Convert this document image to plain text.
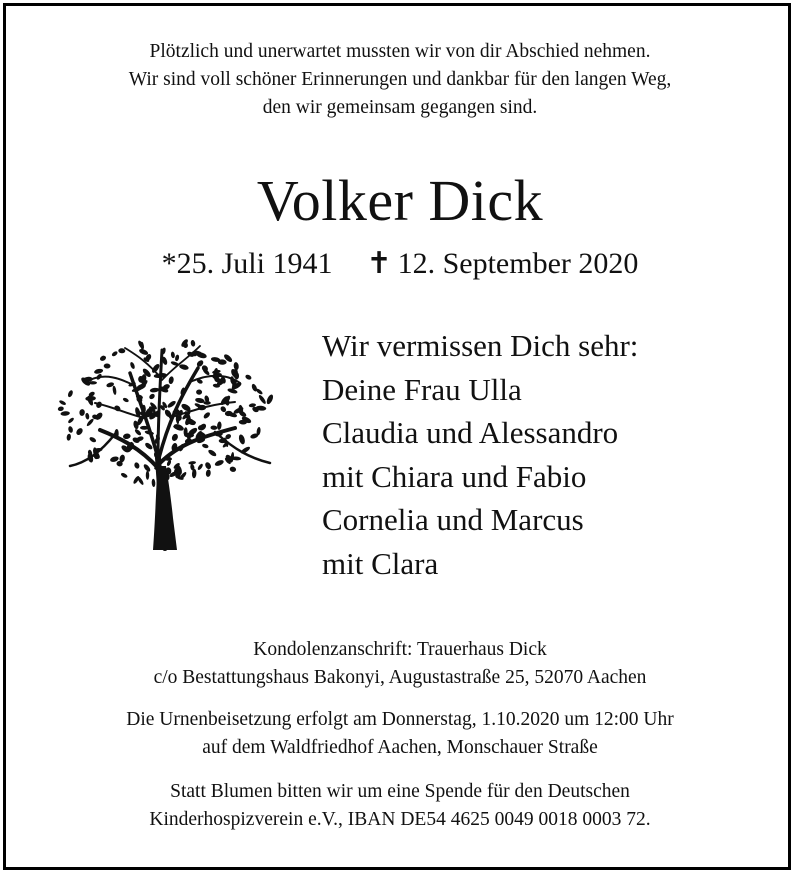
Plötzlich und unerwartet mussten wir von dir Abschied nehmen.
Wir sind voll schöner Erinnerungen und dankbar für den langen Weg,
den wir gemeinsam gegangen sind.
Volker Dick
*25. Juli 1941 ✝ 12. September 2020
Wir vermissen Dich sehr:
Deine Frau Ulla
Claudia und Alessandro
mit Chiara und Fabio
Cornelia und Marcus
mit Clara
Kondolenzanschrift: Trauerhaus Dick
c/o Bestattungshaus Bakonyi, Augustastraße 25, 52070 Aachen
Die Urnenbeisetzung erfolgt am Donnerstag, 1.10.2020 um 12:00 Uhr
auf dem Waldfriedhof Aachen, Monschauer Straße
Statt Blumen bitten wir um eine Spende für den Deutschen
Kinderhospizverein e.V., IBAN DE54 4625 0049 0018 0003 72.
